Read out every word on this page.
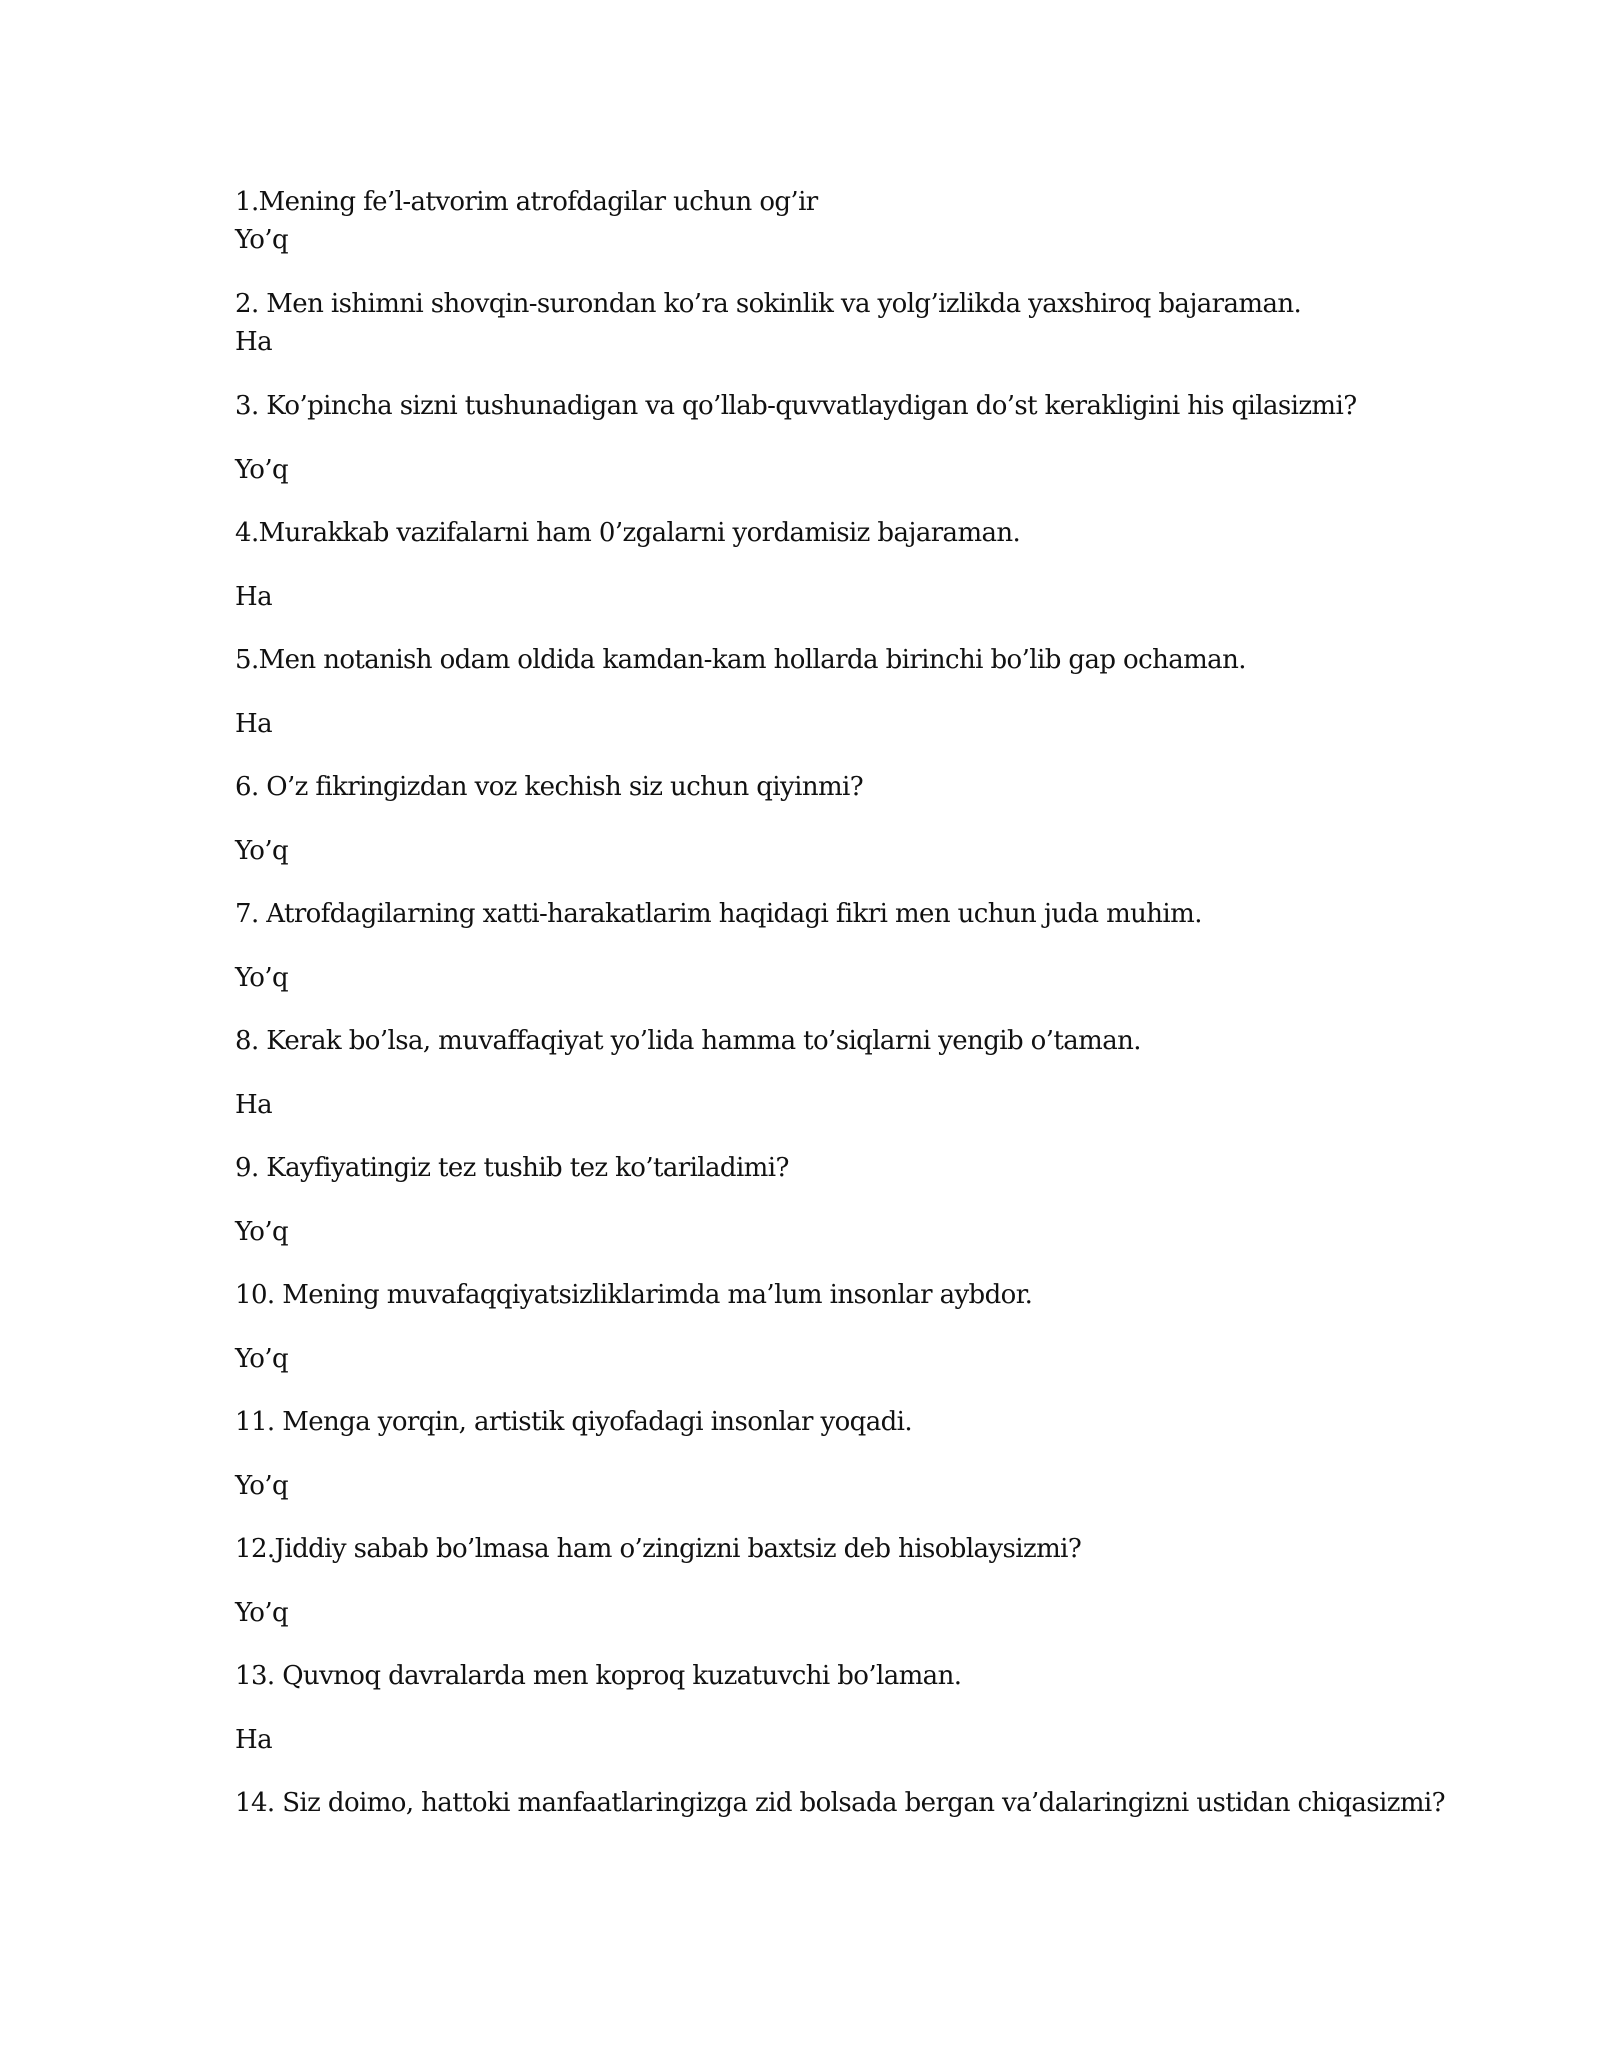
1.Mening fe’l-atvorim atrofdagilar uchun og’ir
Yo’q
2. Men ishimni shovqin-surondan ko’ra sokinlik va yolg’izlikda yaxshiroq bajaraman.
Ha
3. Ko’pincha sizni tushunadigan va qo’llab-quvvatlaydigan do’st kerakligini his qilasizmi?
Yo’q
4.Murakkab vazifalarni ham 0’zgalarni yordamisiz bajaraman.
Ha
5.Men notanish odam oldida kamdan-kam hollarda birinchi bo’lib gap ochaman.
Ha
6. O’z fikringizdan voz kechish siz uchun qiyinmi?
Yo’q
7. Atrofdagilarning xatti-harakatlarim haqidagi fikri men uchun juda muhim.
Yo’q
8. Kerak bo’lsa, muvaffaqiyat yo’lida hamma to’siqlarni yengib o’taman.
Ha
9. Kayfiyatingiz tez tushib tez ko’tariladimi?
Yo’q
10. Mening muvafaqqiyatsizliklarimda ma’lum insonlar aybdor.
Yo’q
11. Menga yorqin, artistik qiyofadagi insonlar yoqadi.
Yo’q
12.Jiddiy sabab bo’lmasa ham o’zingizni baxtsiz deb hisoblaysizmi?
Yo’q
13. Quvnoq davralarda men koproq kuzatuvchi bo’laman.
Ha
14. Siz doimo, hattoki manfaatlaringizga zid bolsada bergan va’dalaringizni ustidan chiqasizmi?
